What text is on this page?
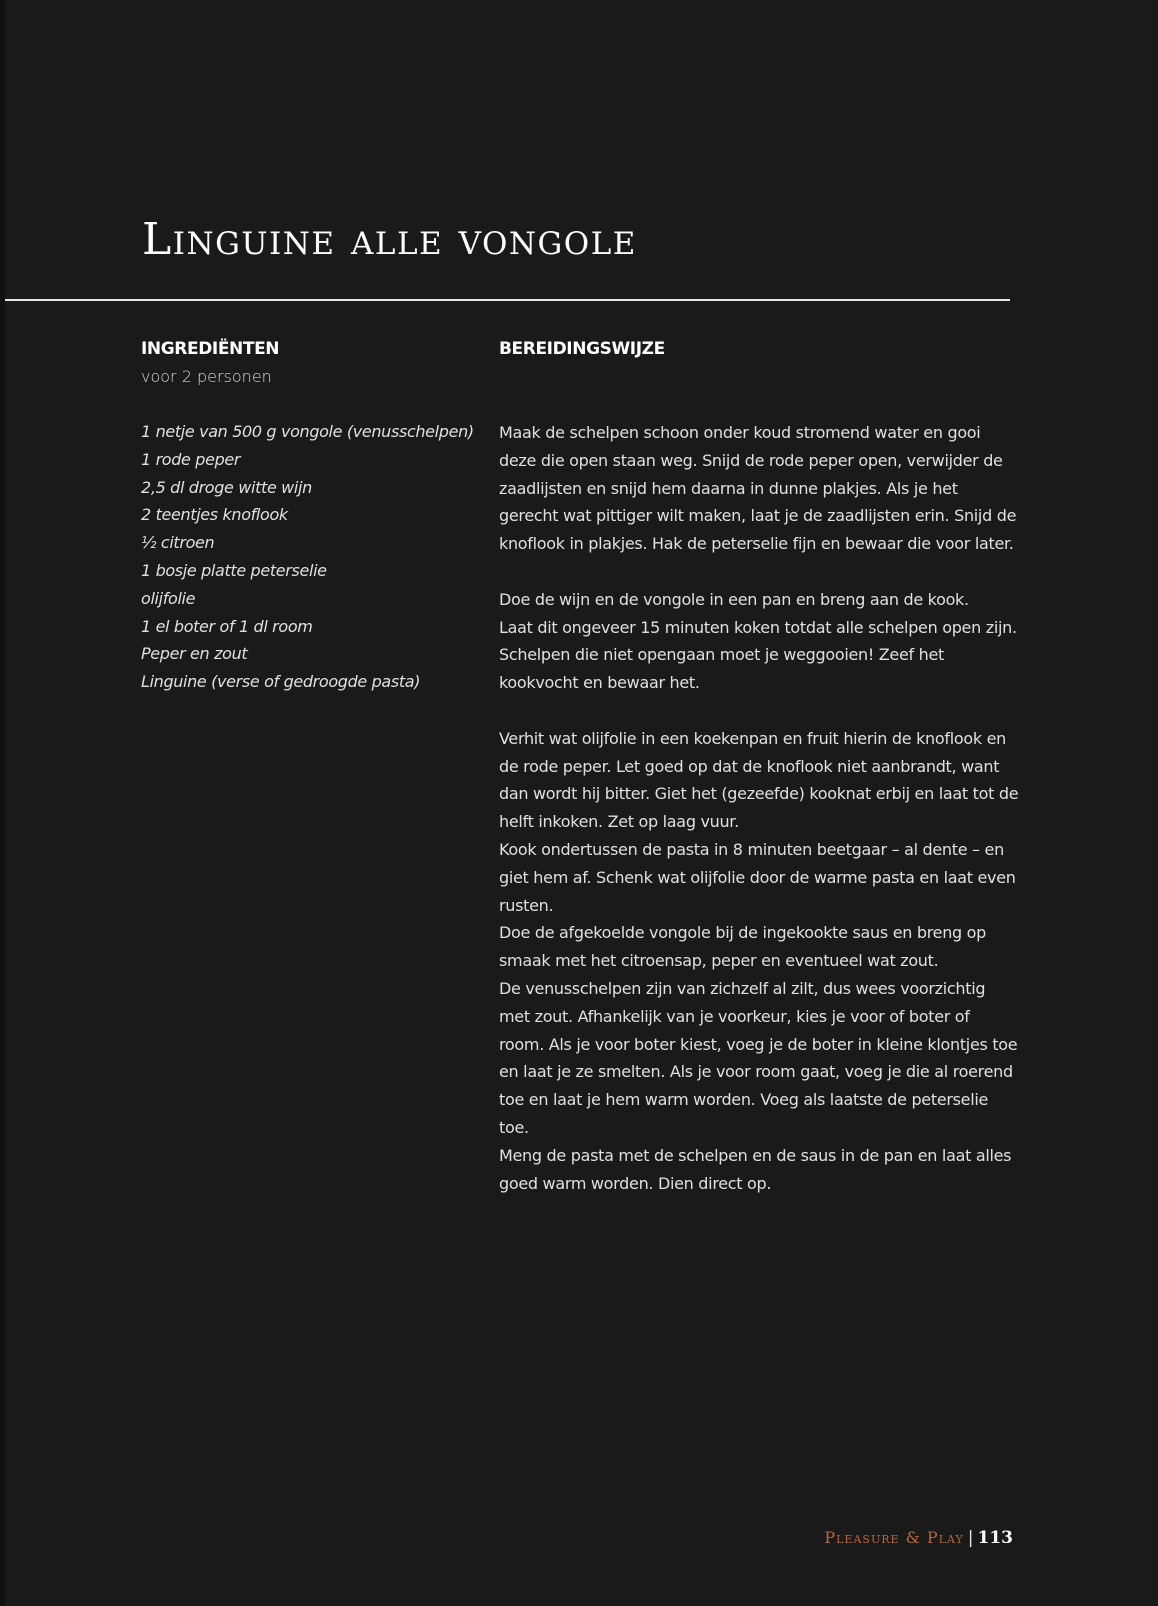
Linguine alle vongole
INGREDIËNTEN

voor 2 personen

1 netje van 500 g vongole (venusschelpen)
1 rode peper
2,5 dl droge witte wijn
2 teentjes knoflook
½ citroen
1 bosje platte peterselie
olijfolie
1 el boter of 1 dl room
Peper en zout
Linguine (verse of gedroogde pasta)
BEREIDINGSWIJZE

Maak de schelpen schoon onder koud stromend water en gooi deze die open staan weg. Snijd de rode peper open, verwijder de zaadlijsten en snijd hem daarna in dunne plakjes. Als je het gerecht wat pittiger wilt maken, laat je de zaadlijsten erin. Snijd de knoflook in plakjes. Hak de peterselie fijn en bewaar die voor later.

Doe de wijn en de vongole in een pan en breng aan de kook.

Laat dit ongeveer 15 minuten koken totdat alle schelpen open zijn. Schelpen die niet opengaan moet je weggooien! Zeef het kookvocht en bewaar het.

Verhit wat olijfolie in een koekenpan en fruit hierin de knoflook en de rode peper. Let goed op dat de knoflook niet aanbrandt, want dan wordt hij bitter. Giet het (gezeefde) kooknat erbij en laat tot de helft inkoken. Zet op laag vuur.

Kook ondertussen de pasta in 8 minuten beetgaar – al dente – en giet hem af. Schenk wat olijfolie door de warme pasta en laat even rusten.

Doe de afgekoelde vongole bij de ingekookte saus en breng op smaak met het citroensap, peper en eventueel wat zout.

De venusschelpen zijn van zichzelf al zilt, dus wees voorzichtig met zout. Afhankelijk van je voorkeur, kies je voor of boter of room. Als je voor boter kiest, voeg je de boter in kleine klontjes toe en laat je ze smelten. Als je voor room gaat, voeg je die al roerend toe en laat je hem warm worden. Voeg als laatste de peterselie toe.

Meng de pasta met de schelpen en de saus in de pan en laat alles goed warm worden. Dien direct op.

Pleasure & Play | 113
